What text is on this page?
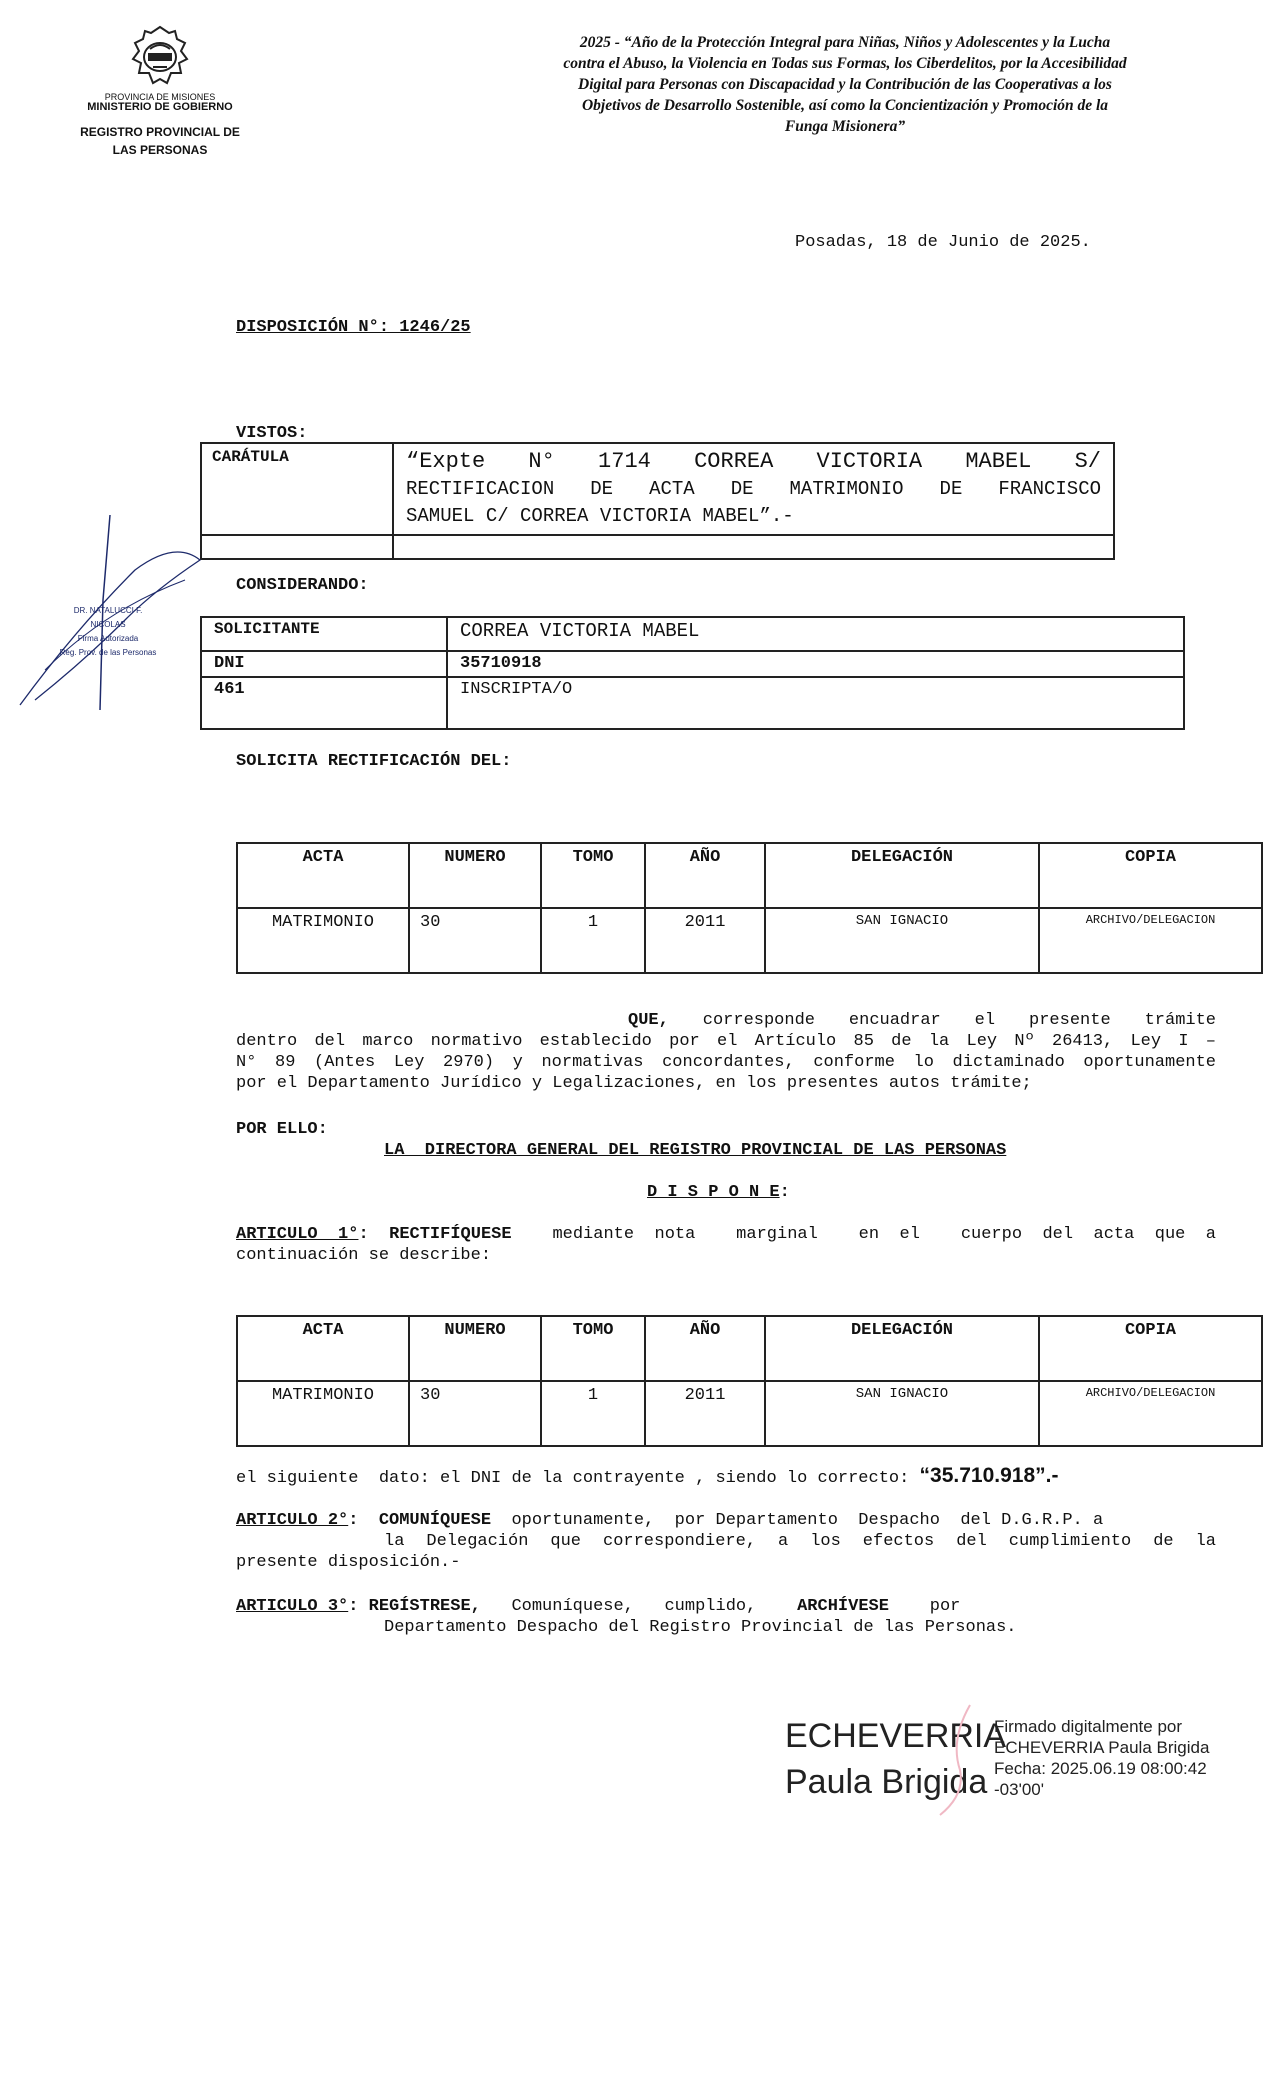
PROVINCIA DE MISIONES
MINISTERIO DE GOBIERNO
REGISTRO PROVINCIAL DE
LAS PERSONAS
2025 - “Año de la Protección Integral para Niñas, Niños y Adolescentes y la Lucha
contra el Abuso, la Violencia en Todas sus Formas, los Ciberdelitos, por la Accesibilidad
Digital para Personas con Discapacidad y la Contribución de las Cooperativas a los
Objetivos de Desarrollo Sostenible, así como la Concientización y Promoción de la
Funga Misionera”
Posadas, 18 de Junio de 2025.
DISPOSICIÓN N°: 1246/25
VISTOS:
CARÁTULA	“Expte N° 1714 CORREA VICTORIA MABEL S/
RECTIFICACION DE ACTA DE MATRIMONIO DE FRANCISCO
SAMUEL C/ CORREA VICTORIA MABEL”.-

CONSIDERANDO:
SOLICITANTE	CORREA VICTORIA MABEL
DNI	35710918
461	INSCRIPTA/O
SOLICITA RECTIFICACIÓN DEL:
ACTA	NUMERO	TOMO	AÑO	DELEGACIÓN	COPIA
MATRIMONIO	30	1	2011	SAN IGNACIO	ARCHIVO/DELEGACION
QUE, corresponde encuadrar el presente trámite
dentro del marco normativo establecido por el Artículo 85 de la Ley Nº 26413, Ley I –
N° 89 (Antes Ley 2970) y normativas concordantes, conforme lo dictaminado oportunamente
por el Departamento Jurídico y Legalizaciones, en los presentes autos trámite;
POR ELLO:
LA  DIRECTORA GENERAL DEL REGISTRO PROVINCIAL DE LAS PERSONAS
D I S P O N E:
ARTICULO 1°: RECTIFÍQUESE mediante nota  marginal  en el  cuerpo del acta que a
continuación se describe:
ACTA	NUMERO	TOMO	AÑO	DELEGACIÓN	COPIA
MATRIMONIO	30	1	2011	SAN IGNACIO	ARCHIVO/DELEGACION
el siguiente  dato: el DNI de la contrayente , siendo lo correcto: “35.710.918”.-
ARTICULO 2°:  COMUNÍQUESE oportunamente,  por Departamento  Despacho  del D.G.R.P. a
la Delegación que correspondiere, a los efectos del cumplimiento de la
presente disposición.-
ARTICULO 3°: REGÍSTRESE, Comuníquese,   cumplido, ARCHÍVESE por
Departamento Despacho del Registro Provincial de las Personas.
DR. NATALUCCI F. NICOLAS
Firma Autorizada
Reg. Prov. de las Personas
ECHEVERRIA
Paula Brigida
Firmado digitalmente por
ECHEVERRIA Paula Brigida
Fecha: 2025.06.19 08:00:42
-03'00'
